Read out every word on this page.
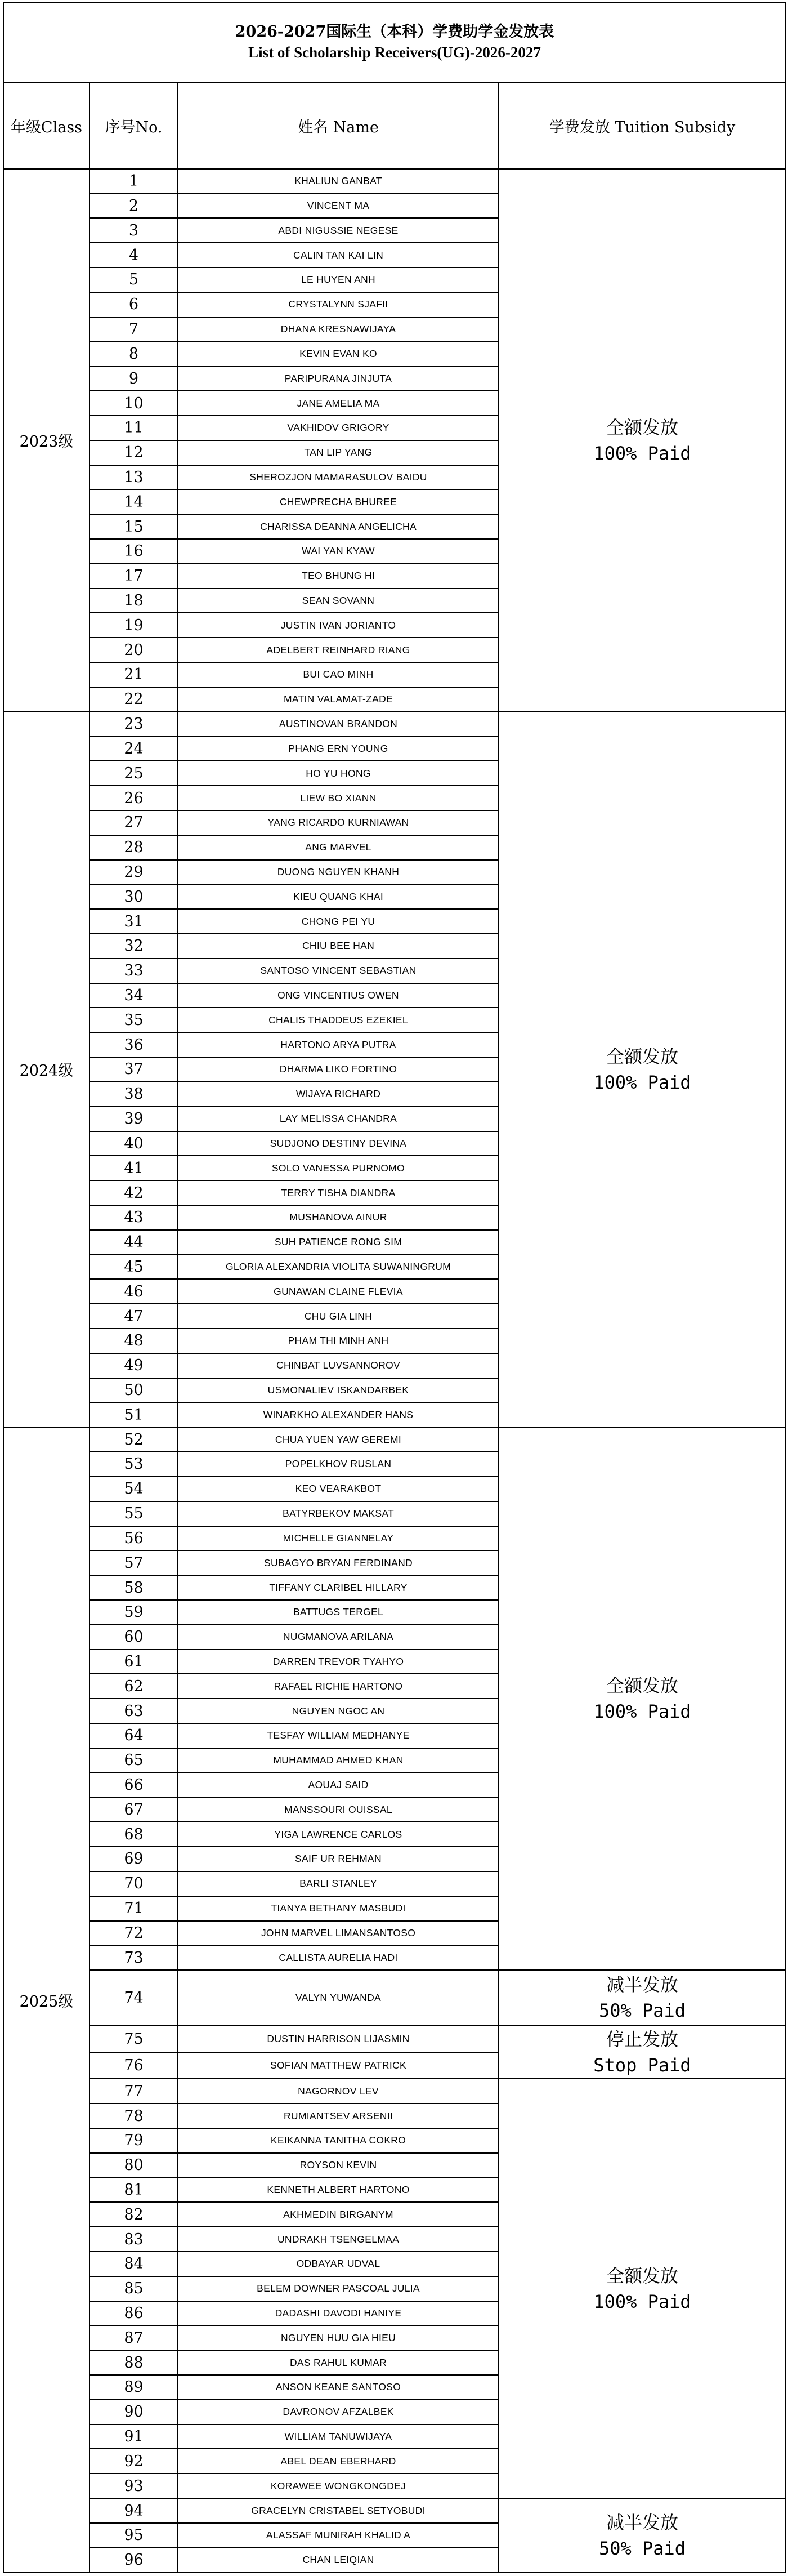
2026-2027国际生（本科）学费助学金发放表
List of Scholarship Receivers(UG)-2026-2027			

年级Class	序号No.	姓名 Name	学费发放 Tuition Subsidy
2023级	1	KHALIUN GANBAT	全额发放
100% Paid

	2	VINCENT MA	
	3	ABDI NIGUSSIE NEGESE	
	4	CALIN TAN KAI LIN	
	5	LE HUYEN ANH	
	6	CRYSTALYNN SJAFII	
	7	DHANA KRESNAWIJAYA	
	8	KEVIN EVAN KO	
	9	PARIPURANA JINJUTA	
	10	JANE AMELIA MA	
	11	VAKHIDOV GRIGORY	
	12	TAN LIP YANG	
	13	SHEROZJON MAMARASULOV BAIDU	
	14	CHEWPRECHA BHUREE	
	15	CHARISSA DEANNA ANGELICHA	
	16	WAI YAN KYAW	
	17	TEO BHUNG HI	
	18	SEAN SOVANN	
	19	JUSTIN IVAN JORIANTO	
	20	ADELBERT REINHARD RIANG	
	21	BUI CAO MINH	
	22	MATIN VALAMAT-ZADE	
2024级	23	AUSTINOVAN BRANDON	全额发放
100% Paid

	24	PHANG ERN YOUNG	
	25	HO YU HONG	
	26	LIEW BO XIANN	
	27	YANG RICARDO KURNIAWAN	
	28	ANG MARVEL	
	29	DUONG NGUYEN KHANH	
	30	KIEU QUANG KHAI	
	31	CHONG PEI YU	
	32	CHIU BEE HAN	
	33	SANTOSO VINCENT SEBASTIAN	
	34	ONG VINCENTIUS OWEN	
	35	CHALIS THADDEUS EZEKIEL	
	36	HARTONO ARYA PUTRA	
	37	DHARMA LIKO FORTINO	
	38	WIJAYA RICHARD	
	39	LAY MELISSA CHANDRA	
	40	SUDJONO DESTINY DEVINA	
	41	SOLO VANESSA PURNOMO	
	42	TERRY TISHA DIANDRA	
	43	MUSHANOVA AINUR	
	44	SUH PATIENCE RONG SIM	
	45	GLORIA ALEXANDRIA VIOLITA SUWANINGRUM	
	46	GUNAWAN CLAINE FLEVIA	
	47	CHU GIA LINH	
	48	PHAM THI MINH ANH	
	49	CHINBAT LUVSANNOROV	
	50	USMONALIEV ISKANDARBEK	
	51	WINARKHO ALEXANDER HANS	
2025级	52	CHUA YUEN YAW GEREMI	全额发放
100% Paid

	53	POPELKHOV RUSLAN	
	54	KEO VEARAKBOT	
	55	BATYRBEKOV MAKSAT	
	56	MICHELLE GIANNELAY	
	57	SUBAGYO BRYAN FERDINAND	
	58	TIFFANY CLARIBEL HILLARY	
	59	BATTUGS TERGEL	
	60	NUGMANOVA ARILANA	
	61	DARREN TREVOR TYAHYO	
	62	RAFAEL RICHIE HARTONO	
	63	NGUYEN NGOC AN	
	64	TESFAY WILLIAM MEDHANYE	
	65	MUHAMMAD AHMED KHAN	
	66	AOUAJ SAID	
	67	MANSSOURI OUISSAL	
	68	YIGA LAWRENCE CARLOS	
	69	SAIF UR REHMAN	
	70	BARLI STANLEY	
	71	TIANYA BETHANY MASBUDI	
	72	JOHN MARVEL LIMANSANTOSO	
	73	CALLISTA AURELIA HADI	
	74	VALYN YUWANDA	减半发放
50% Paid

	75	DUSTIN HARRISON LIJASMIN	停止发放
Stop Paid

	76	SOFIAN MATTHEW PATRICK	
	77	NAGORNOV LEV	全额发放
100% Paid

	78	RUMIANTSEV ARSENII	
	79	KEIKANNA TANITHA COKRO	
	80	ROYSON KEVIN	
	81	KENNETH ALBERT HARTONO	
	82	AKHMEDIN BIRGANYM	
	83	UNDRAKH TSENGELMAA	
	84	ODBAYAR UDVAL	
	85	BELEM DOWNER PASCOAL JULIA	
	86	DADASHI DAVODI HANIYE	
	87	NGUYEN HUU GIA HIEU	
	88	DAS RAHUL KUMAR	
	89	ANSON KEANE SANTOSO	
	90	DAVRONOV AFZALBEK	
	91	WILLIAM TANUWIJAYA	
	92	ABEL DEAN EBERHARD	
	93	KORAWEE WONGKONGDEJ	
	94	GRACELYN CRISTABEL SETYOBUDI	减半发放
50% Paid

	95	ALASSAF MUNIRAH KHALID A	
	96	CHAN LEIQIAN	
